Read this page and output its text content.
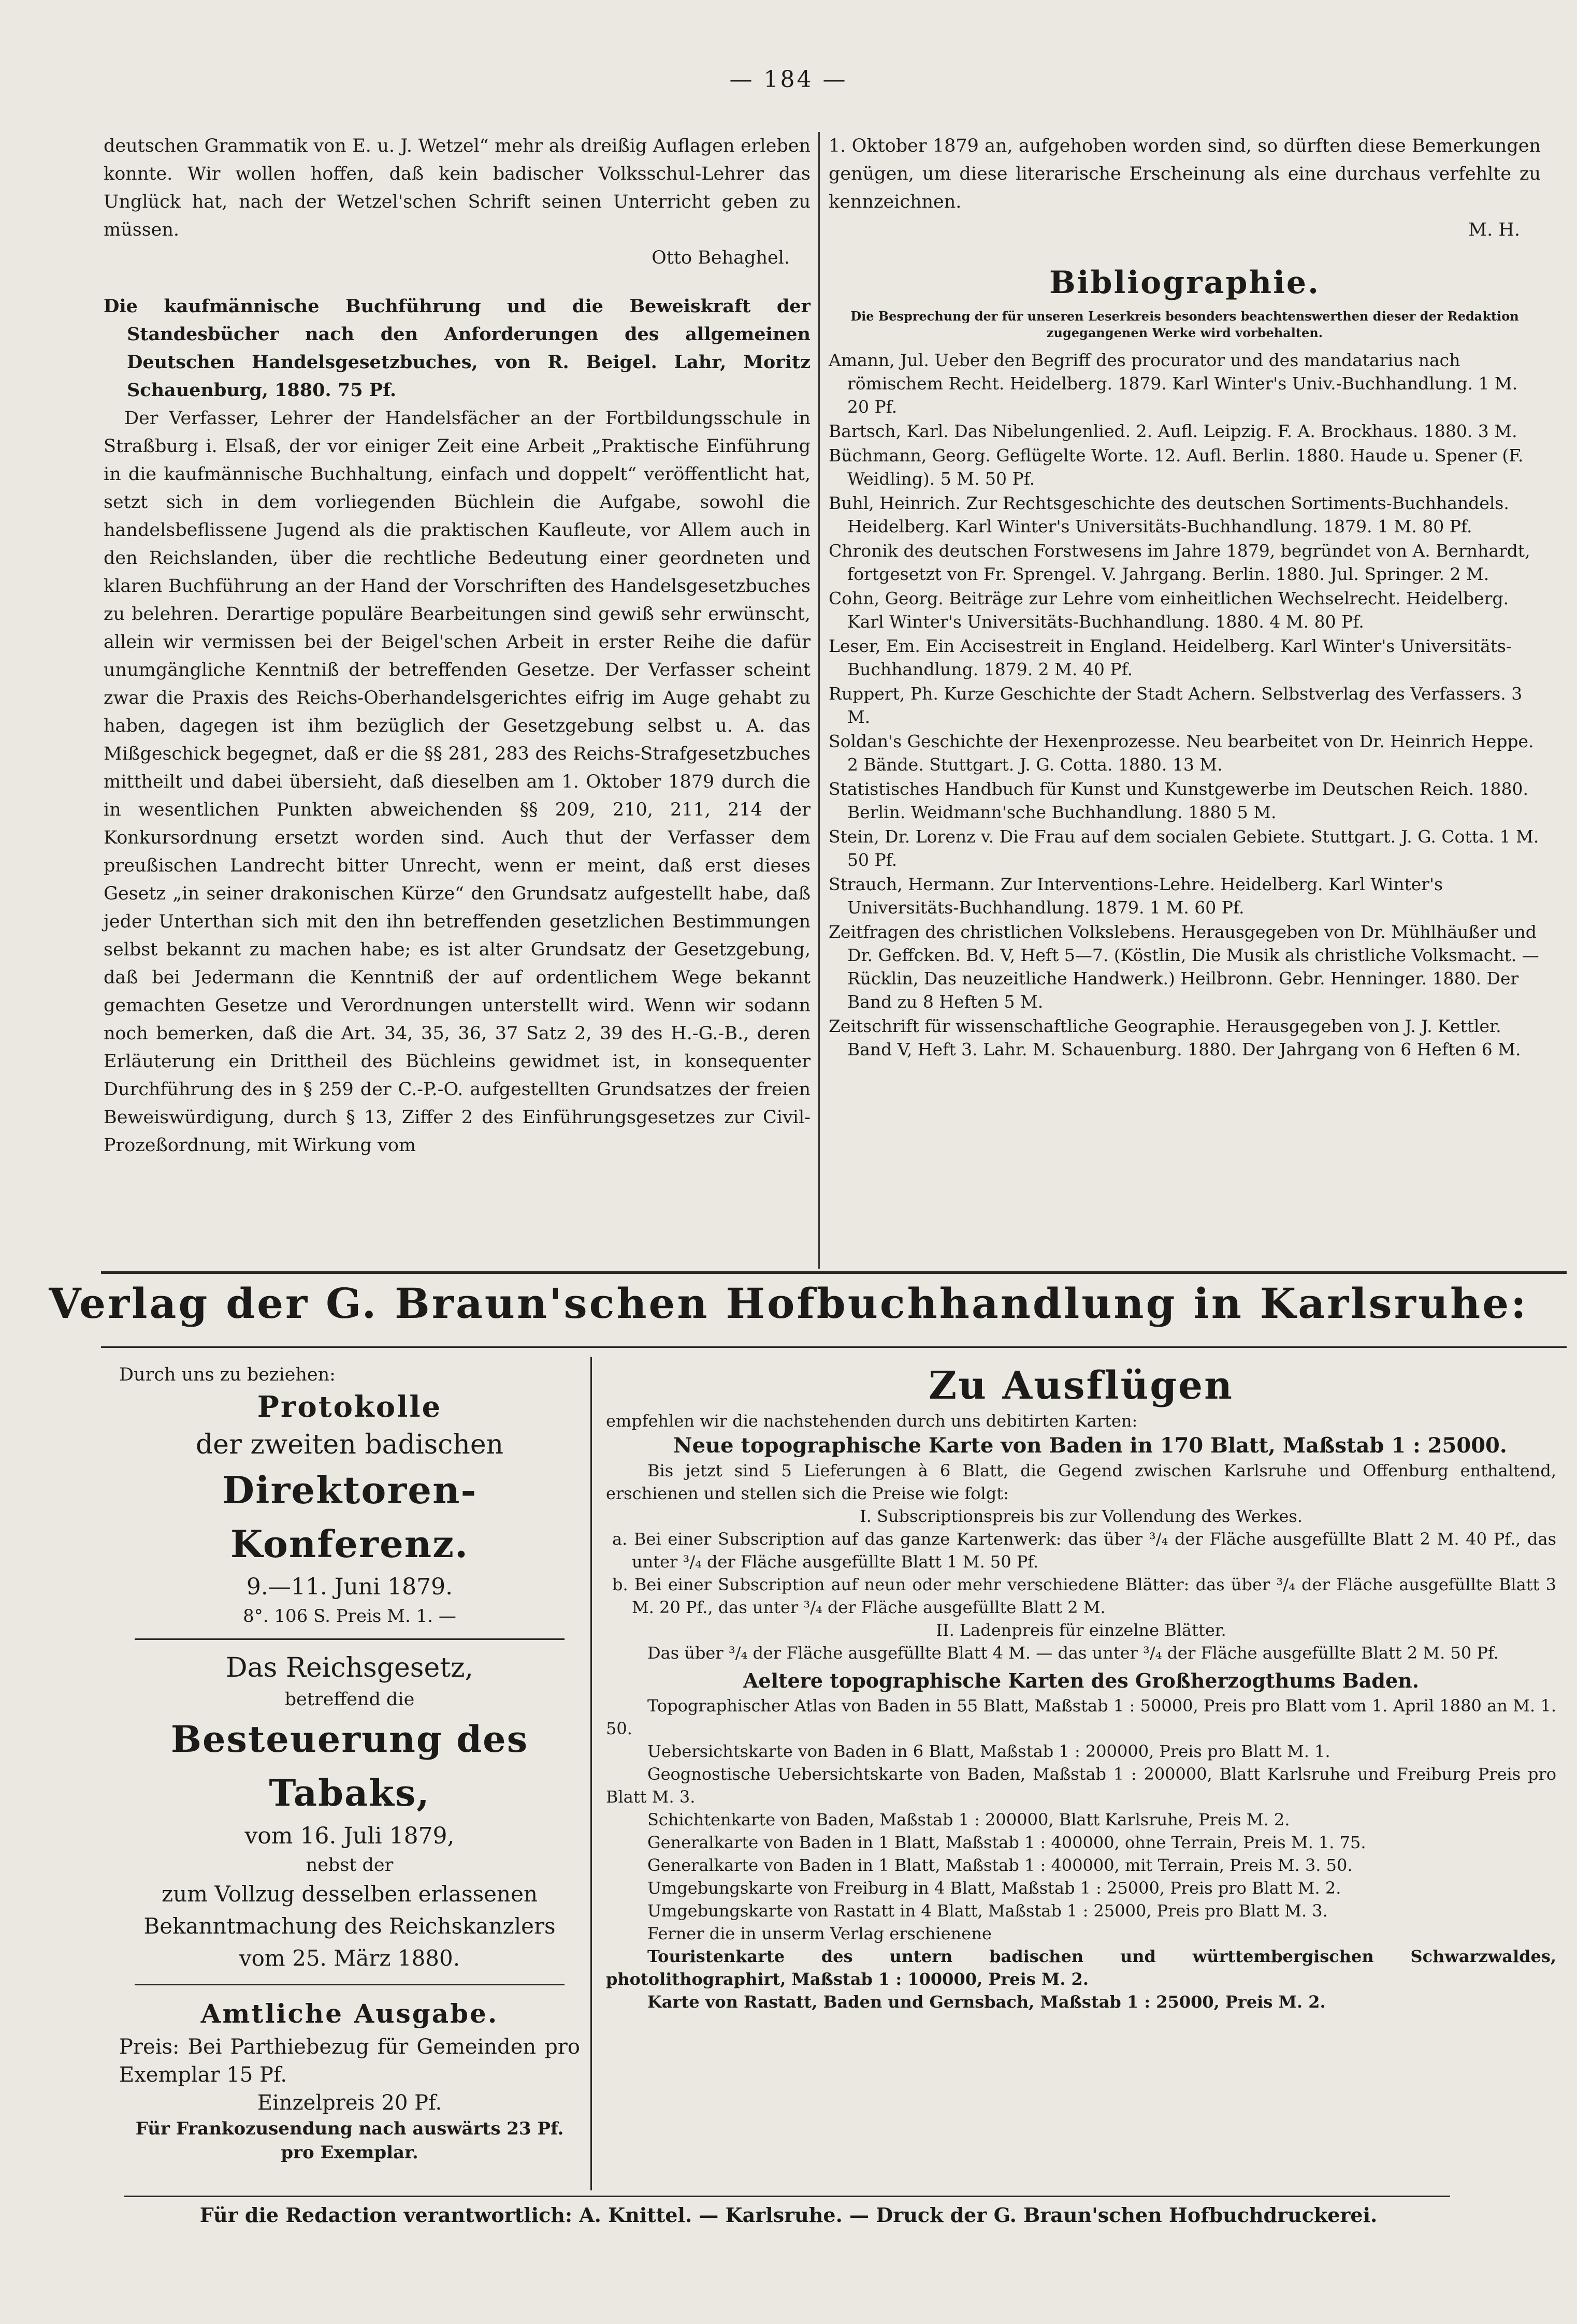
— 184 —

deutschen Grammatik von E. u. J. Wetzel“ mehr als dreißig Auflagen erleben konnte. Wir wollen hoffen, daß kein badischer Volksschul-Lehrer das Unglück hat, nach der Wetzel'schen Schrift seinen Unterricht geben zu müssen.

Otto Behaghel.

Die kaufmännische Buchführung und die Beweiskraft der Standesbücher nach den Anforderungen des allgemeinen Deutschen Handelsgesetzbuches, von R. Beigel. Lahr, Moritz Schauenburg, 1880. 75 Pf.

Der Verfasser, Lehrer der Handelsfächer an der Fortbildungsschule in Straßburg i. Elsaß, der vor einiger Zeit eine Arbeit „Praktische Einführung in die kaufmännische Buchhaltung, einfach und doppelt“ veröffentlicht hat, setzt sich in dem vorliegenden Büchlein die Aufgabe, sowohl die handelsbeflissene Jugend als die praktischen Kaufleute, vor Allem auch in den Reichslanden, über die rechtliche Bedeutung einer geordneten und klaren Buchführung an der Hand der Vorschriften des Handelsgesetzbuches zu belehren. Derartige populäre Bearbeitungen sind gewiß sehr erwünscht, allein wir vermissen bei der Beigel'schen Arbeit in erster Reihe die dafür unumgängliche Kenntniß der betreffenden Gesetze. Der Verfasser scheint zwar die Praxis des Reichs-Oberhandelsgerichtes eifrig im Auge gehabt zu haben, dagegen ist ihm bezüglich der Gesetzgebung selbst u. A. das Mißgeschick begegnet, daß er die §§ 281, 283 des Reichs-Strafgesetzbuches mittheilt und dabei übersieht, daß dieselben am 1. Oktober 1879 durch die in wesentlichen Punkten abweichenden §§ 209, 210, 211, 214 der Konkursordnung ersetzt worden sind. Auch thut der Verfasser dem preußischen Landrecht bitter Unrecht, wenn er meint, daß erst dieses Gesetz „in seiner drakonischen Kürze“ den Grundsatz aufgestellt habe, daß jeder Unterthan sich mit den ihn betreffenden gesetzlichen Bestimmungen selbst bekannt zu machen habe; es ist alter Grundsatz der Gesetzgebung, daß bei Jedermann die Kenntniß der auf ordentlichem Wege bekannt gemachten Gesetze und Verordnungen unterstellt wird. Wenn wir sodann noch bemerken, daß die Art. 34, 35, 36, 37 Satz 2, 39 des H.-G.-B., deren Erläuterung ein Drittheil des Büchleins gewidmet ist, in konsequenter Durchführung des in § 259 der C.-P.-O. aufgestellten Grundsatzes der freien Beweiswürdigung, durch § 13, Ziffer 2 des Einführungsgesetzes zur Civil-Prozeßordnung, mit Wirkung vom

1. Oktober 1879 an, aufgehoben worden sind, so dürften diese Bemerkungen genügen, um diese literarische Erscheinung als eine durchaus verfehlte zu kennzeichnen.

M. H.

Bibliographie.
Die Besprechung der für unseren Leserkreis besonders beachtenswerthen dieser der Redaktion zugegangenen Werke wird vorbehalten.

Amann, Jul. Ueber den Begriff des procurator und des mandatarius nach römischem Recht. Heidelberg. 1879. Karl Winter's Univ.-Buchhandlung. 1 M. 20 Pf.

Bartsch, Karl. Das Nibelungenlied. 2. Aufl. Leipzig. F. A. Brockhaus. 1880. 3 M.

Büchmann, Georg. Geflügelte Worte. 12. Aufl. Berlin. 1880. Haude u. Spener (F. Weidling). 5 M. 50 Pf.

Buhl, Heinrich. Zur Rechtsgeschichte des deutschen Sortiments-Buchhandels. Heidelberg. Karl Winter's Universitäts-Buchhandlung. 1879. 1 M. 80 Pf.

Chronik des deutschen Forstwesens im Jahre 1879, begründet von A. Bernhardt, fortgesetzt von Fr. Sprengel. V. Jahrgang. Berlin. 1880. Jul. Springer. 2 M.

Cohn, Georg. Beiträge zur Lehre vom einheitlichen Wechselrecht. Heidelberg. Karl Winter's Universitäts-Buchhandlung. 1880. 4 M. 80 Pf.

Leser, Em. Ein Accisestreit in England. Heidelberg. Karl Winter's Universitäts-Buchhandlung. 1879. 2 M. 40 Pf.

Ruppert, Ph. Kurze Geschichte der Stadt Achern. Selbstverlag des Verfassers. 3 M.

Soldan's Geschichte der Hexenprozesse. Neu bearbeitet von Dr. Heinrich Heppe. 2 Bände. Stuttgart. J. G. Cotta. 1880. 13 M.

Statistisches Handbuch für Kunst und Kunstgewerbe im Deutschen Reich. 1880. Berlin. Weidmann'sche Buchhandlung. 1880 5 M.

Stein, Dr. Lorenz v. Die Frau auf dem socialen Gebiete. Stuttgart. J. G. Cotta. 1 M. 50 Pf.

Strauch, Hermann. Zur Interventions-Lehre. Heidelberg. Karl Winter's Universitäts-Buchhandlung. 1879. 1 M. 60 Pf.

Zeitfragen des christlichen Volkslebens. Herausgegeben von Dr. Mühlhäußer und Dr. Geffcken. Bd. V, Heft 5—7. (Köstlin, Die Musik als christliche Volksmacht. — Rücklin, Das neuzeitliche Handwerk.) Heilbronn. Gebr. Henninger. 1880. Der Band zu 8 Heften 5 M.

Zeitschrift für wissenschaftliche Geographie. Herausgegeben von J. J. Kettler. Band V, Heft 3. Lahr. M. Schauenburg. 1880. Der Jahrgang von 6 Heften 6 M.

Verlag der G. Braun'schen Hofbuchhandlung in Karlsruhe:
Durch uns zu beziehen:
Protokolle
der zweiten badischen
Direktoren-Konferenz.
9.—11. Juni 1879.
8°. 106 S. Preis M. 1. —
Das Reichsgesetz,
betreffend die
Besteuerung des Tabaks,
vom 16. Juli 1879,
nebst der
zum Vollzug desselben erlassenen
Bekanntmachung des Reichskanzlers
vom 25. März 1880.
Amtliche Ausgabe.
Preis: Bei Parthiebezug für Gemeinden pro Exemplar 15 Pf.
Einzelpreis 20 Pf.
Für Frankozusendung nach auswärts 23 Pf. pro Exemplar.
Zu Ausflügen
empfehlen wir die nachstehenden durch uns debitirten Karten:
Neue topographische Karte von Baden in 170 Blatt, Maßstab 1 : 25000.
Bis jetzt sind 5 Lieferungen à 6 Blatt, die Gegend zwischen Karlsruhe und Offenburg enthaltend, erschienen und stellen sich die Preise wie folgt:
I. Subscriptionspreis bis zur Vollendung des Werkes.
a. Bei einer Subscription auf das ganze Kartenwerk: das über ³/₄ der Fläche ausgefüllte Blatt 2 M. 40 Pf., das unter ³/₄ der Fläche ausgefüllte Blatt 1 M. 50 Pf.
b. Bei einer Subscription auf neun oder mehr verschiedene Blätter: das über ³/₄ der Fläche ausgefüllte Blatt 3 M. 20 Pf., das unter ³/₄ der Fläche ausgefüllte Blatt 2 M.
II. Ladenpreis für einzelne Blätter.
Das über ³/₄ der Fläche ausgefüllte Blatt 4 M. — das unter ³/₄ der Fläche ausgefüllte Blatt 2 M. 50 Pf.
Aeltere topographische Karten des Großherzogthums Baden.

Topographischer Atlas von Baden in 55 Blatt, Maßstab 1 : 50000, Preis pro Blatt vom 1. April 1880 an M. 1. 50.

Uebersichtskarte von Baden in 6 Blatt, Maßstab 1 : 200000, Preis pro Blatt M. 1.

Geognostische Uebersichtskarte von Baden, Maßstab 1 : 200000, Blatt Karlsruhe und Freiburg Preis pro Blatt M. 3.

Schichtenkarte von Baden, Maßstab 1 : 200000, Blatt Karlsruhe, Preis M. 2.

Generalkarte von Baden in 1 Blatt, Maßstab 1 : 400000, ohne Terrain, Preis M. 1. 75.

Generalkarte von Baden in 1 Blatt, Maßstab 1 : 400000, mit Terrain, Preis M. 3. 50.

Umgebungskarte von Freiburg in 4 Blatt, Maßstab 1 : 25000, Preis pro Blatt M. 2.

Umgebungskarte von Rastatt in 4 Blatt, Maßstab 1 : 25000, Preis pro Blatt M. 3.

Ferner die in unserm Verlag erschienene
Touristenkarte des untern badischen und württembergischen Schwarzwaldes, photolithographirt, Maßstab 1 : 100000, Preis M. 2.
Karte von Rastatt, Baden und Gernsbach, Maßstab 1 : 25000, Preis M. 2.
Für die Redaction verantwortlich: A. Knittel. — Karlsruhe. — Druck der G. Braun'schen Hofbuchdruckerei.
